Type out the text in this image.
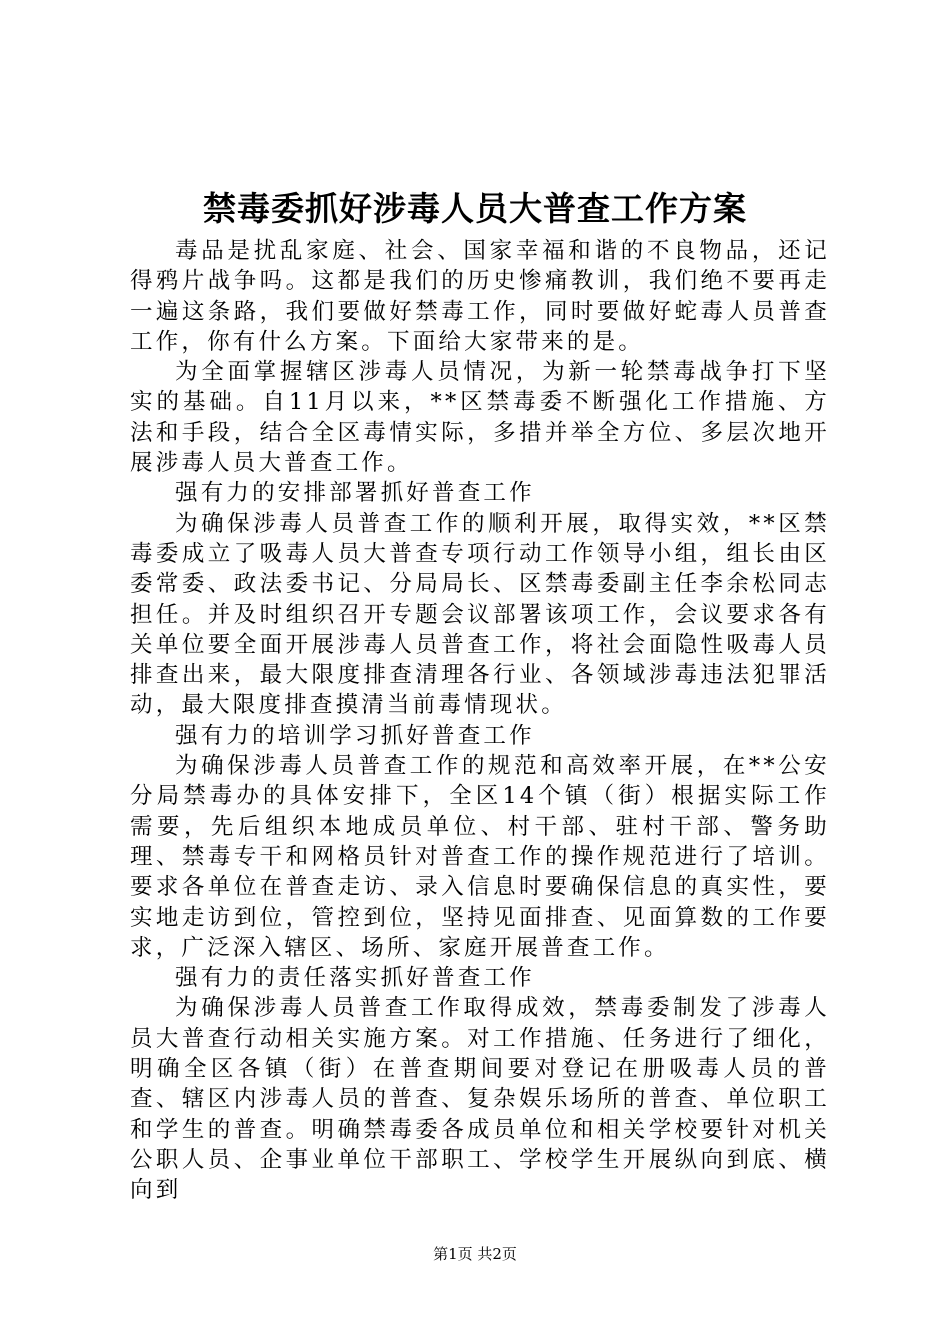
禁毒委抓好涉毒人员大普查工作方案

毒品是扰乱家庭、社会、国家幸福和谐的不良物品，还记得鸦片战争吗。这都是我们的历史惨痛教训，我们绝不要再走一遍这条路，我们要做好禁毒工作，同时要做好蛇毒人员普查工作，你有什么方案。下面给大家带来的是。

为全面掌握辖区涉毒人员情况，为新一轮禁毒战争打下坚实的基础。自11月以来，**区禁毒委不断强化工作措施、方法和手段，结合全区毒情实际，多措并举全方位、多层次地开展涉毒人员大普查工作。

强有力的安排部署抓好普查工作

为确保涉毒人员普查工作的顺利开展，取得实效，**区禁毒委成立了吸毒人员大普查专项行动工作领导小组，组长由区委常委、政法委书记、分局局长、区禁毒委副主任李余松同志担任。并及时组织召开专题会议部署该项工作，会议要求各有关单位要全面开展涉毒人员普查工作，将社会面隐性吸毒人员排查出来，最大限度排查清理各行业、各领域涉毒违法犯罪活动，最大限度排查摸清当前毒情现状。

强有力的培训学习抓好普查工作

为确保涉毒人员普查工作的规范和高效率开展，在**公安分局禁毒办的具体安排下，全区14个镇（街）根据实际工作需要，先后组织本地成员单位、村干部、驻村干部、警务助理、禁毒专干和网格员针对普查工作的操作规范进行了培训。要求各单位在普查走访、录入信息时要确保信息的真实性，要实地走访到位，管控到位，坚持见面排查、见面算数的工作要求，广泛深入辖区、场所、家庭开展普查工作。

强有力的责任落实抓好普查工作

为确保涉毒人员普查工作取得成效，禁毒委制发了涉毒人员大普查行动相关实施方案。对工作措施、任务进行了细化，明确全区各镇（街）在普查期间要对登记在册吸毒人员的普查、辖区内涉毒人员的普查、复杂娱乐场所的普查、单位职工和学生的普查。明确禁毒委各成员单位和相关学校要针对机关公职人员、企事业单位干部职工、学校学生开展纵向到底、横向到

第1页 共2页
